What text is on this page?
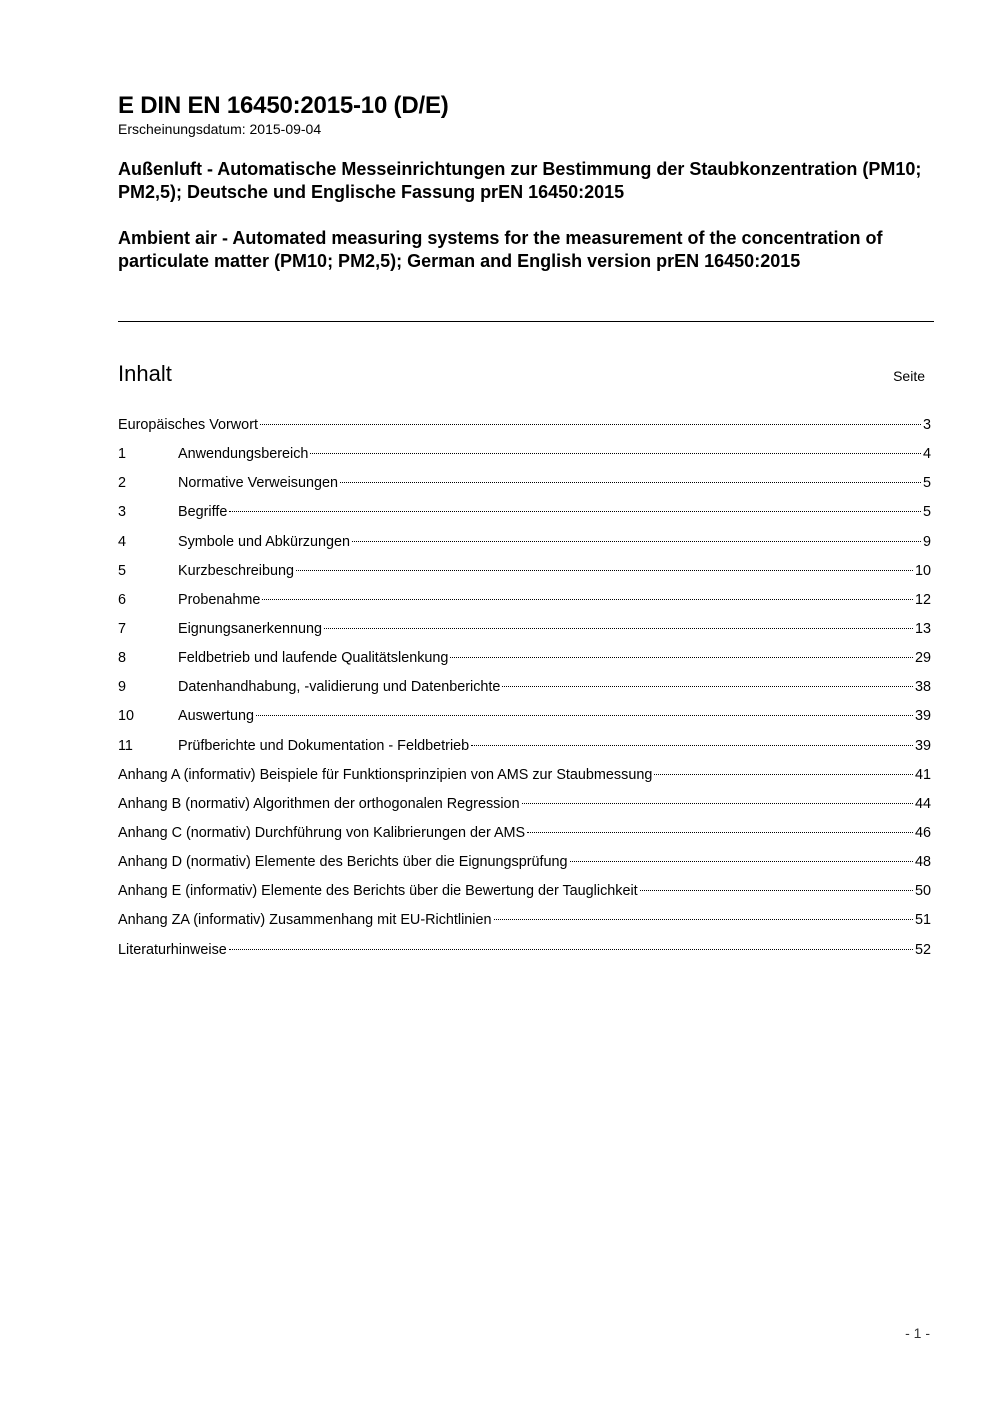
E DIN EN 16450:2015-10 (D/E)
Erscheinungsdatum: 2015-09-04
Außenluft - Automatische Messeinrichtungen zur Bestimmung der Staubkonzentration (PM10; PM2,5); Deutsche und Englische Fassung prEN 16450:2015
Ambient air - Automated measuring systems for the measurement of the concentration of particulate matter (PM10; PM2,5); German and English version prEN 16450:2015
Inhalt	Seite
Europäisches Vorwort	3
1	Anwendungsbereich	4
2	Normative Verweisungen	5
3	Begriffe	5
4	Symbole und Abkürzungen	9
5	Kurzbeschreibung	10
6	Probenahme	12
7	Eignungsanerkennung	13
8	Feldbetrieb und laufende Qualitätslenkung	29
9	Datenhandhabung, -validierung und Datenberichte	38
10	Auswertung	39
11	Prüfberichte und Dokumentation - Feldbetrieb	39
Anhang A (informativ) Beispiele für Funktionsprinzipien von AMS zur Staubmessung	41
Anhang B (normativ) Algorithmen der orthogonalen Regression	44
Anhang C (normativ) Durchführung von Kalibrierungen der AMS	46
Anhang D (normativ) Elemente des Berichts über die Eignungsprüfung	48
Anhang E (informativ) Elemente des Berichts über die Bewertung der Tauglichkeit	50
Anhang ZA (informativ) Zusammenhang mit EU-Richtlinien	51
Literaturhinweise	52
- 1 -
